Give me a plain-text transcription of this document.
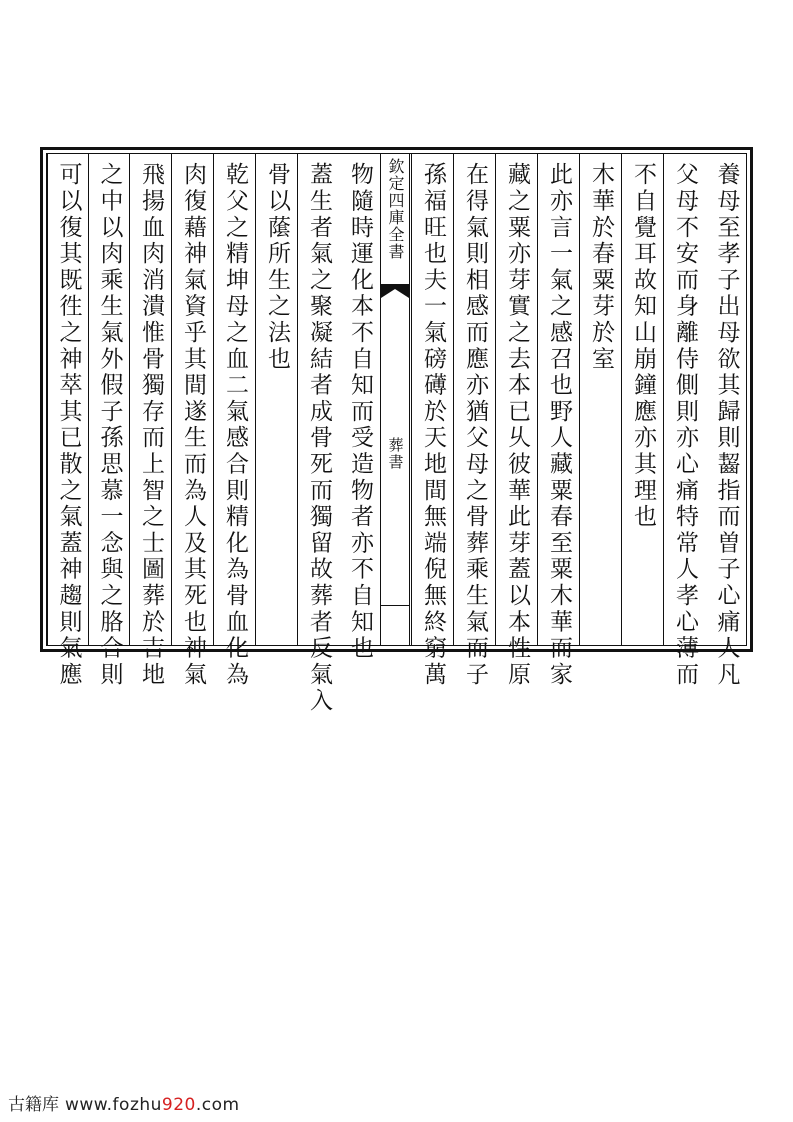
養母至孝子出母欲其歸則齧指而曽子心痛人凡
父母不安而身離侍側則亦心痛特常人孝心薄而
不自覺耳故知山崩鐘應亦其理也
木華於春粟芽於室
此亦言一氣之感召也野人藏粟春至粟木華而家
藏之粟亦芽實之去本已乆彼華此芽蓋以本性原
在得氣則相感而應亦猶父母之骨葬乘生氣而子
孫福旺也夫一氣磅礡於天地間無端倪無終窮萬
欽定四庫全書
葬書
物隨時運化本不自知而受造物者亦不自知也
蓋生者氣之聚凝結者成骨死而獨留故葬者反氣入
骨以䕃所生之法也
乾父之精坤母之血二氣感合則精化為骨血化為
肉復藉神氣資乎其間遂生而為人及其死也神氣
飛揚血肉消潰惟骨獨存而上智之士圖葬於吉地
之中以肉乘生氣外假子孫思慕一念與之胳合則
可以復其既徃之神萃其已散之氣蓋神趨則氣應
古籍库 www.fozhu920.com
